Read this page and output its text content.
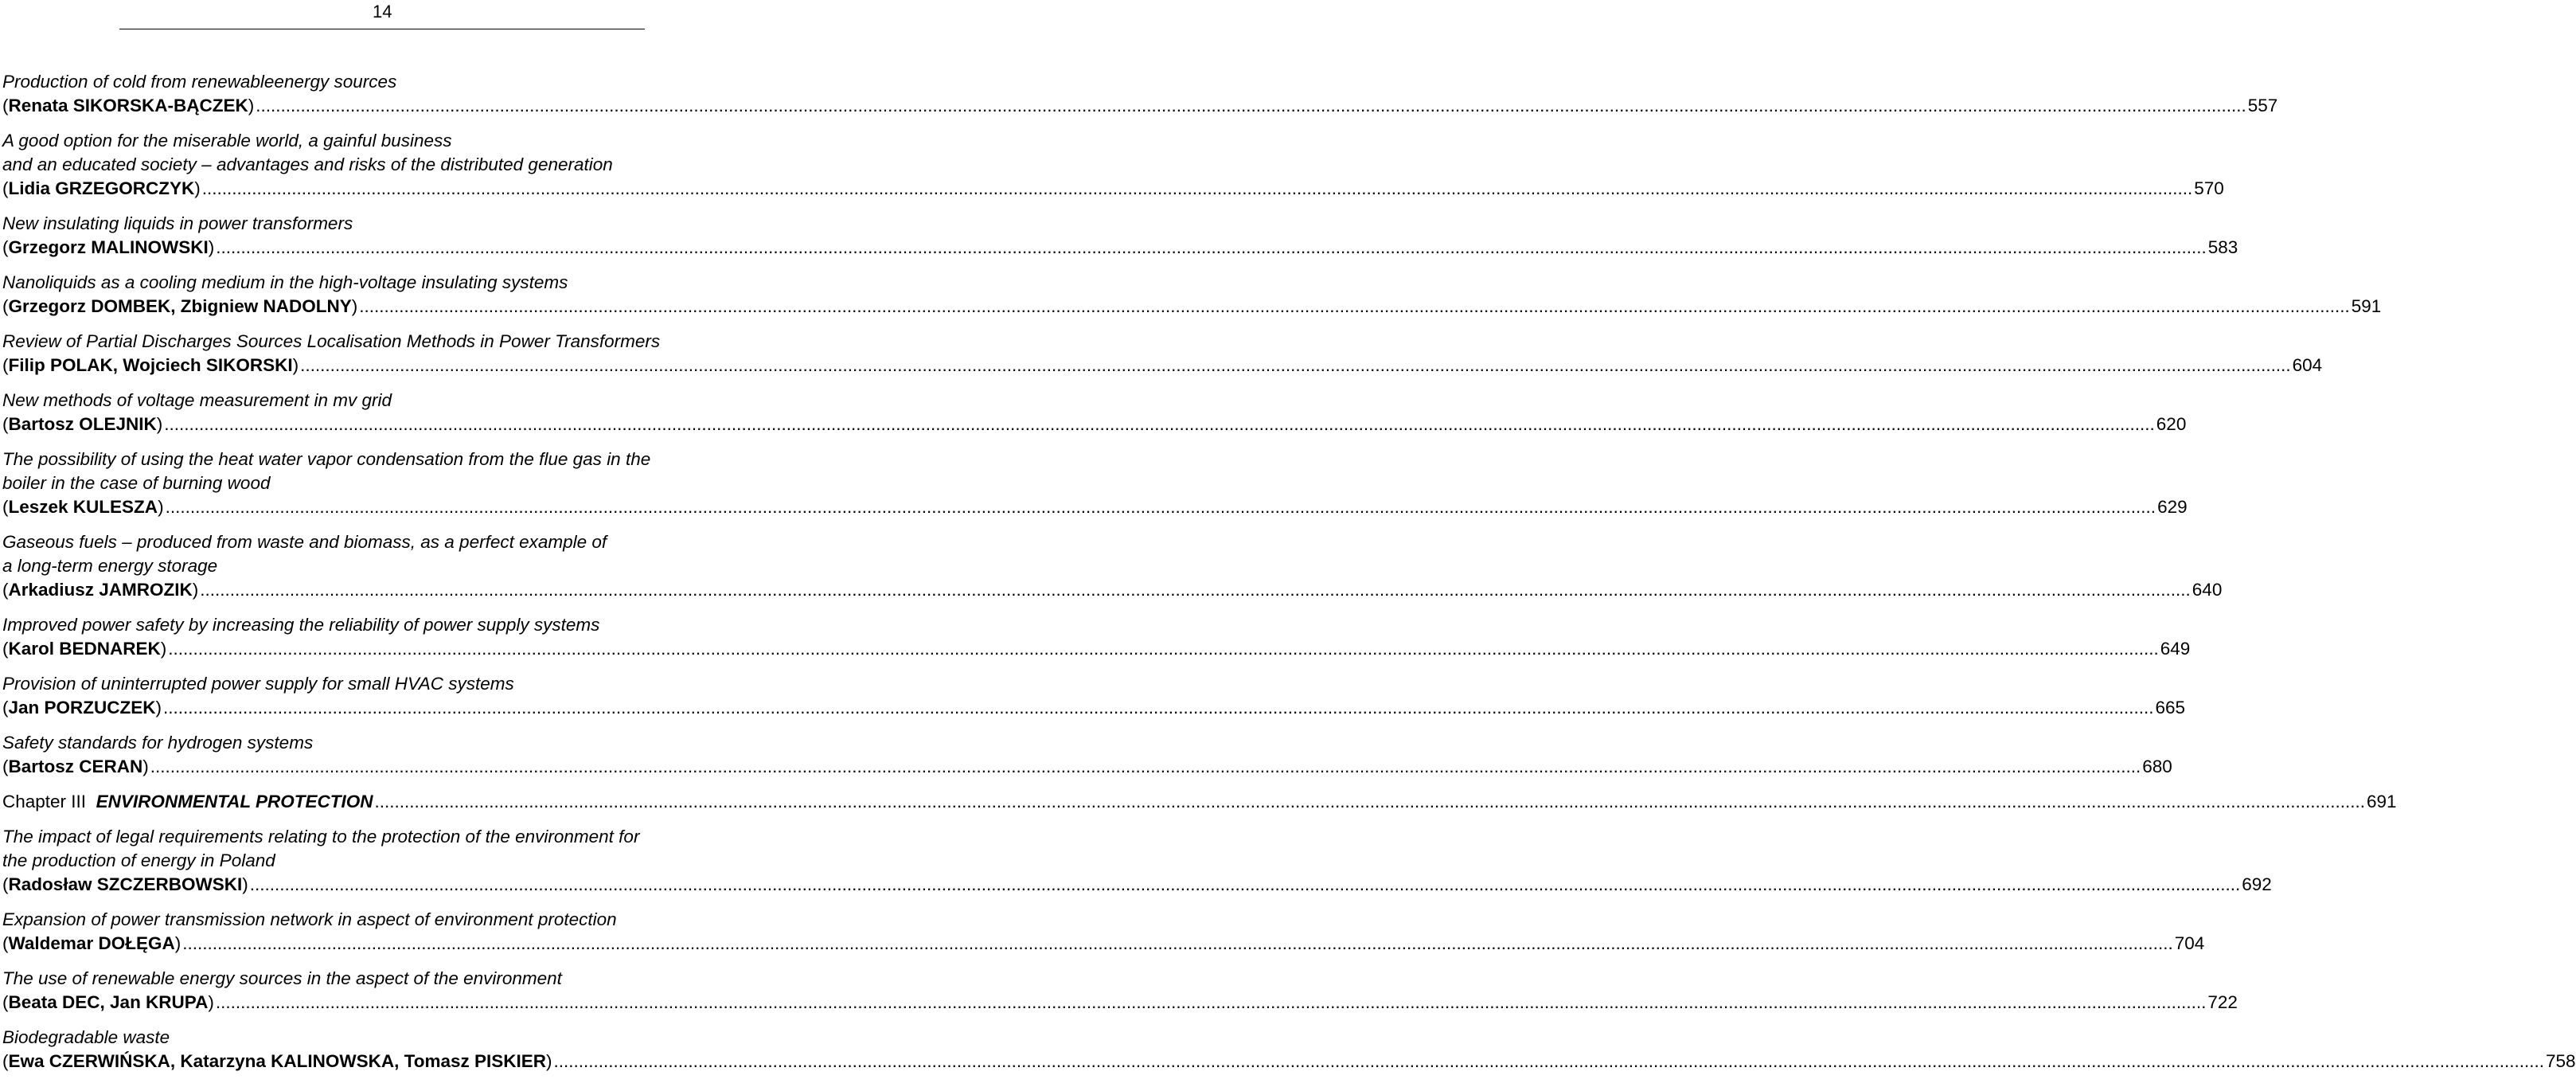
14
Production of cold from renewableenergy sources
(Renata SIKORSKA-BĄCZEK) ................................................................................................................................................................................................................................................................................................................................................................................................................ 557
A good option for the miserable world, a gainful business
and an educated society – advantages and risks of the distributed generation
(Lidia GRZEGORCZYK) ................................................................................................................................................................................................................................................................................................................................................................................................................ 570
New insulating liquids in power transformers
(Grzegorz MALINOWSKI) ................................................................................................................................................................................................................................................................................................................................................................................................................ 583
Nanoliquids as a cooling medium in the high-voltage insulating systems
(Grzegorz DOMBEK, Zbigniew NADOLNY) ................................................................................................................................................................................................................................................................................................................................................................................................................ 591
Review of Partial Discharges Sources Localisation Methods in Power Transformers
(Filip POLAK, Wojciech SIKORSKI) ................................................................................................................................................................................................................................................................................................................................................................................................................ 604
New methods of voltage measurement in mv grid
(Bartosz OLEJNIK) ................................................................................................................................................................................................................................................................................................................................................................................................................ 620
The possibility of using the heat water vapor condensation from the flue gas in the
boiler in the case of burning wood
(Leszek KULESZA) ................................................................................................................................................................................................................................................................................................................................................................................................................ 629
Gaseous fuels – produced from waste and biomass, as a perfect example of
a long-term energy storage
(Arkadiusz JAMROZIK) ................................................................................................................................................................................................................................................................................................................................................................................................................ 640
Improved power safety by increasing the reliability of power supply systems
(Karol BEDNAREK) ................................................................................................................................................................................................................................................................................................................................................................................................................ 649
Provision of uninterrupted power supply for small HVAC systems
(Jan PORZUCZEK) ................................................................................................................................................................................................................................................................................................................................................................................................................ 665
Safety standards for hydrogen systems
(Bartosz CERAN) ................................................................................................................................................................................................................................................................................................................................................................................................................ 680
Chapter III ENVIRONMENTAL PROTECTION ................................................................................................................................................................................................................................................................................................................................................................................................................ 691
The impact of legal requirements relating to the protection of the environment for
the production of energy in Poland
(Radosław SZCZERBOWSKI) ................................................................................................................................................................................................................................................................................................................................................................................................................ 692
Expansion of power transmission network in aspect of environment protection
(Waldemar DOŁĘGA) ................................................................................................................................................................................................................................................................................................................................................................................................................ 704
The use of renewable energy sources in the aspect of the environment
(Beata DEC, Jan KRUPA) ................................................................................................................................................................................................................................................................................................................................................................................................................ 722
Biodegradable waste
(Ewa CZERWIŃSKA, Katarzyna KALINOWSKA, Tomasz PISKIER) ................................................................................................................................................................................................................................................................................................................................................................................................................ 758
